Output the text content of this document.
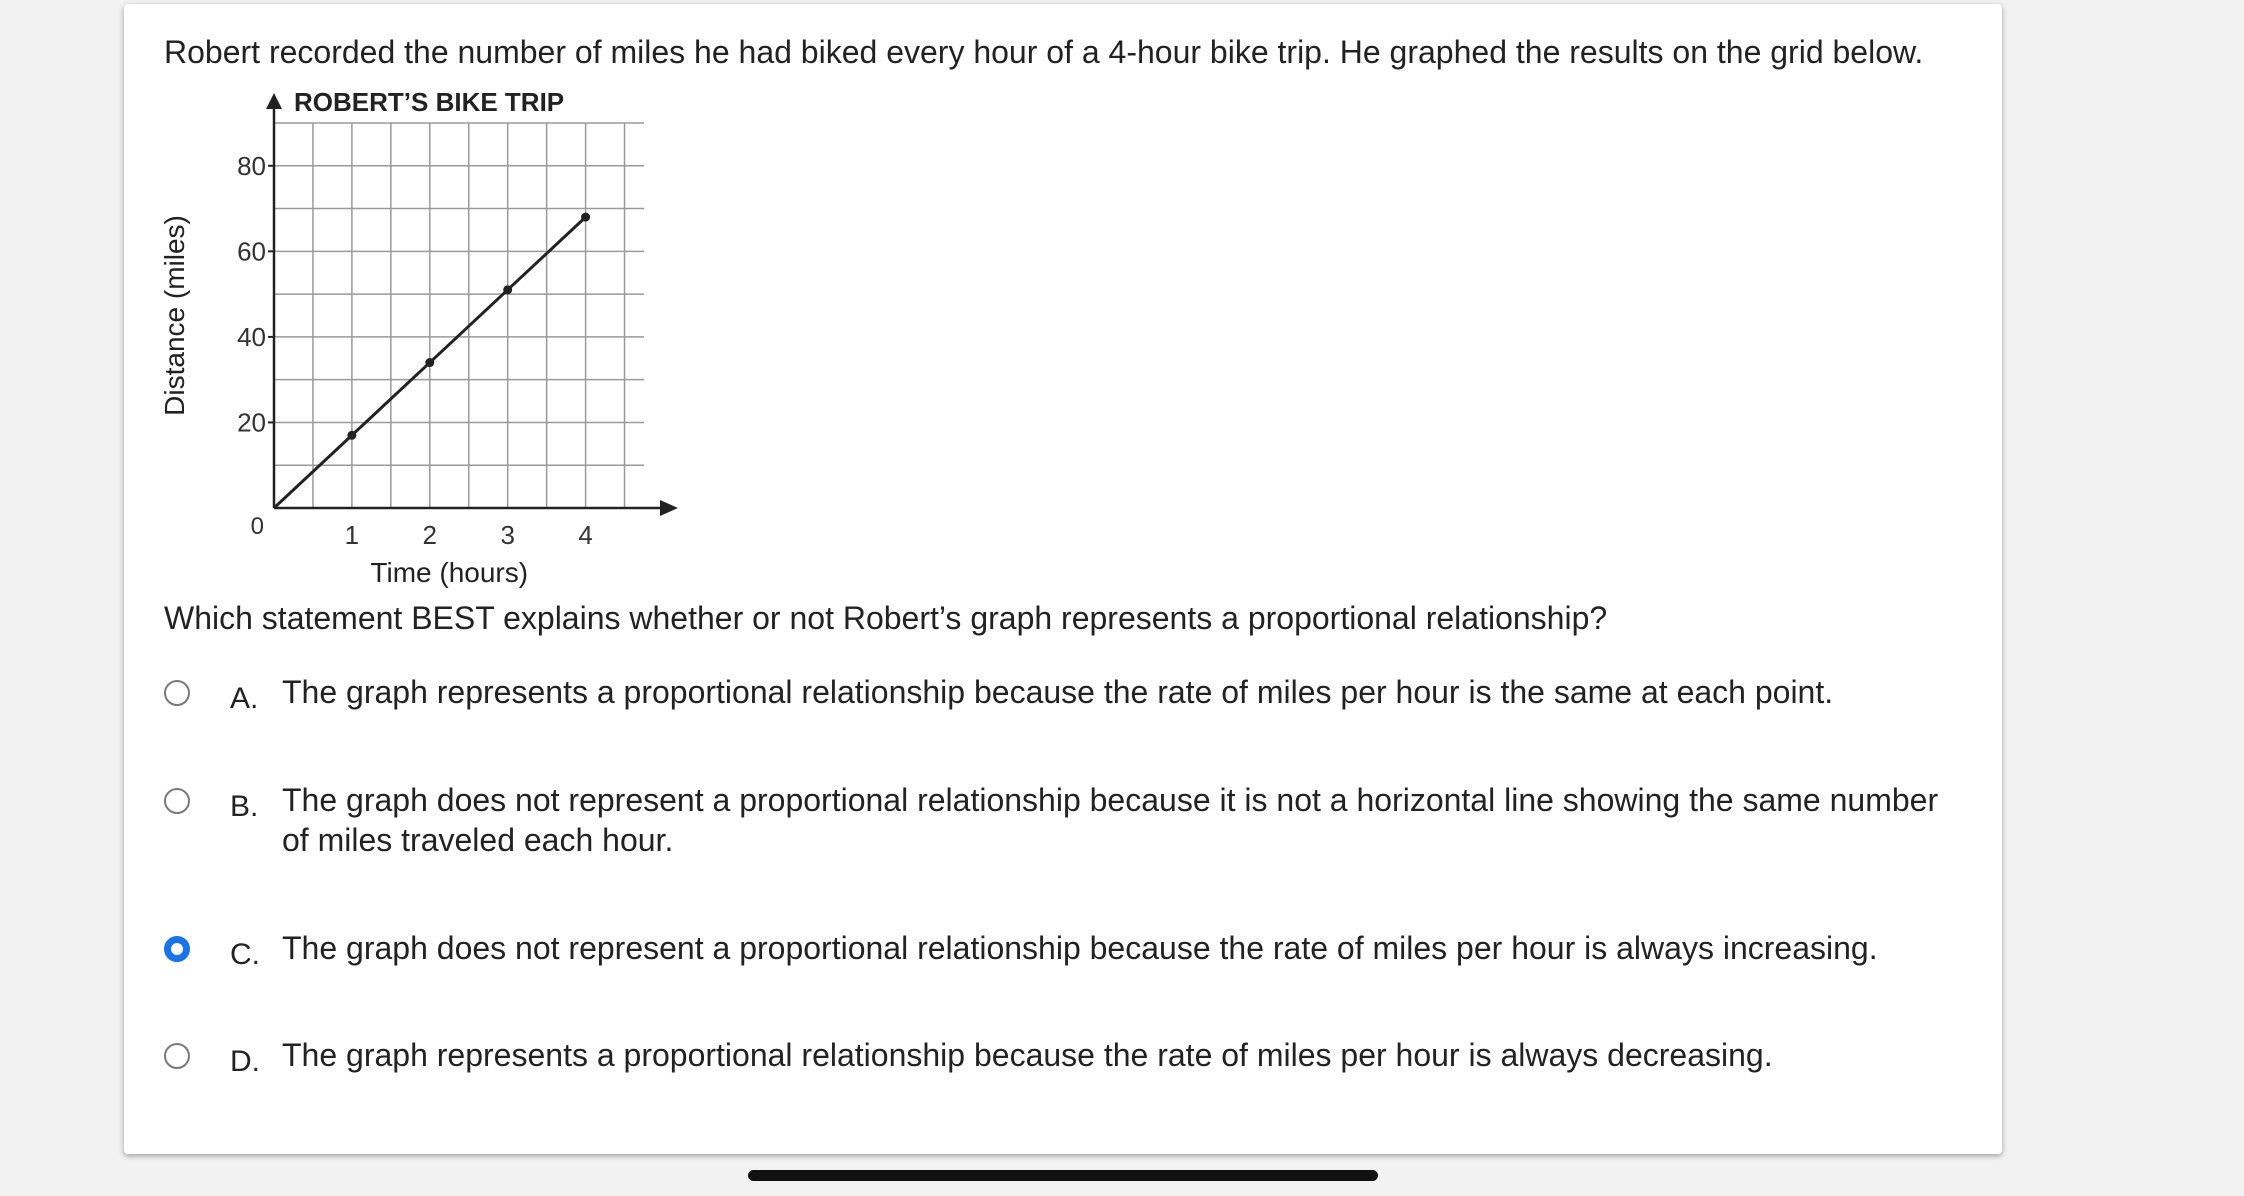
Robert recorded the number of miles he had biked every hour of a 4-hour bike trip. He graphed the results on the grid below.
20
40
60
80
1 2 3 4
0
ROBERT’S BIKE TRIP
Time (hours)
Distance (miles)
Which statement BEST explains whether or not Robert’s graph represents a proportional relationship?
A. The graph represents a proportional relationship because the rate of miles per hour is the same at each point.
B. The graph does not represent a proportional relationship because it is not a horizontal line showing the same number of miles traveled each hour.
C. The graph does not represent a proportional relationship because the rate of miles per hour is always increasing.
D. The graph represents a proportional relationship because the rate of miles per hour is always decreasing.
